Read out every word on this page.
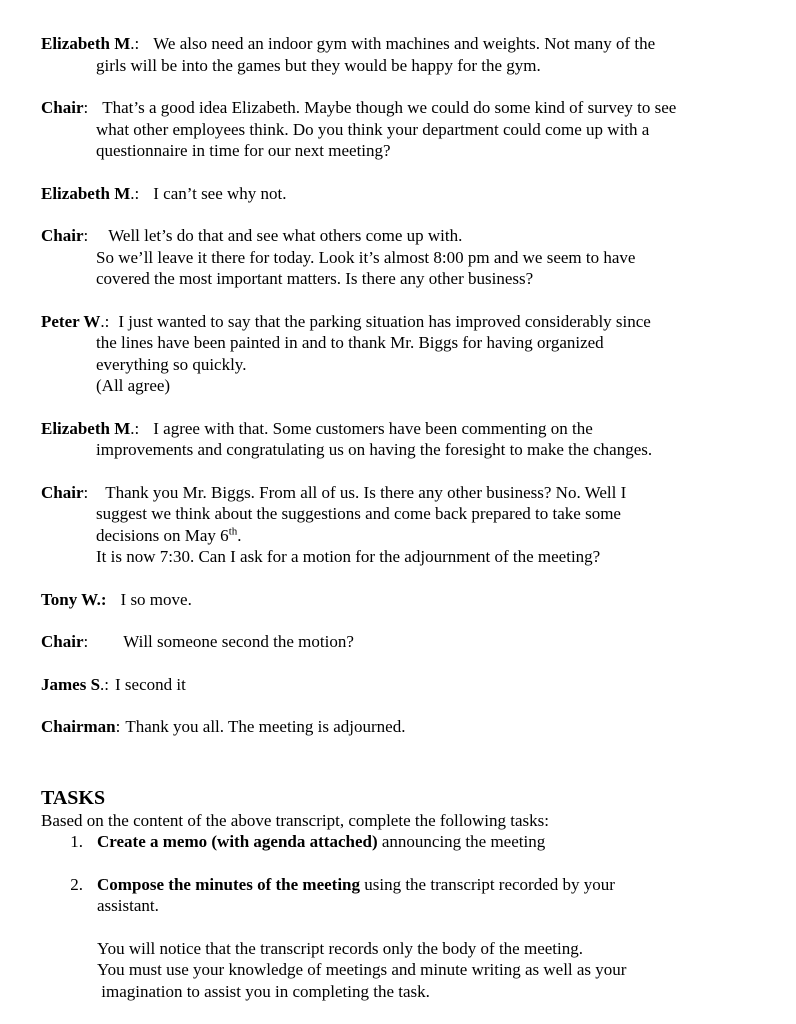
Elizabeth M.: We also need an indoor gym with machines and weights. Not many of the
girls will be into the games but they would be happy for the gym.
Chair: That’s a good idea Elizabeth. Maybe though we could do some kind of survey to see
what other employees think. Do you think your department could come up with a
questionnaire in time for our next meeting?
Elizabeth M.: I can’t see why not.
Chair: Well let’s do that and see what others come up with.
So we’ll leave it there for today. Look it’s almost 8:00 pm and we seem to have
covered the most important matters. Is there any other business?
Peter W.: I just wanted to say that the parking situation has improved considerably since
the lines have been painted in and to thank Mr. Biggs for having organized
everything so quickly.
(All agree)
Elizabeth M.: I agree with that. Some customers have been commenting on the
improvements and congratulating us on having the foresight to make the changes.
Chair: Thank you Mr. Biggs. From all of us. Is there any other business? No. Well I
suggest we think about the suggestions and come back prepared to take some
decisions on May 6th.
It is now 7:30. Can I ask for a motion for the adjournment of the meeting?
Tony W.: I so move.
Chair: Will someone second the motion?
James S.: I second it
Chairman: Thank you all. The meeting is adjourned.
TASKS
Based on the content of the above transcript, complete the following tasks:
1. Create a memo (with agenda attached) announcing the meeting
2. Compose the minutes of the meeting using the transcript recorded by your
assistant.
You will notice that the transcript records only the body of the meeting.
You must use your knowledge of meetings and minute writing as well as your
imagination to assist you in completing the task.
